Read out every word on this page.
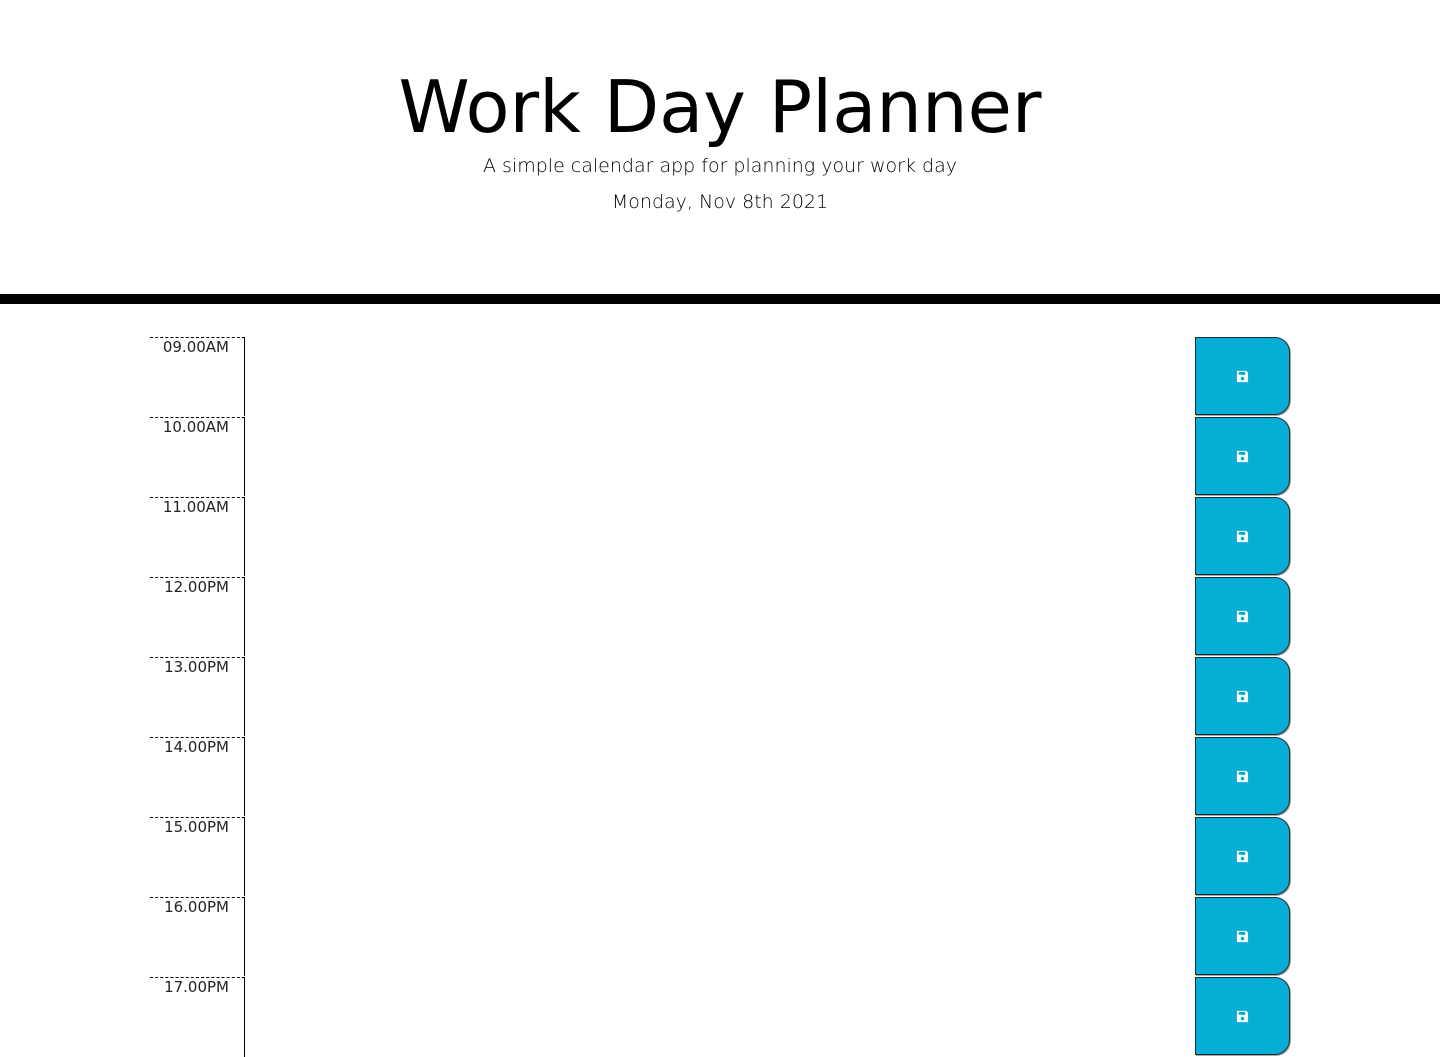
Work Day Planner

A simple calendar app for planning your work day

Monday, Nov 8th 2021

09.00AM
10.00AM
11.00AM
12.00PM
13.00PM
14.00PM
15.00PM
16.00PM
17.00PM
